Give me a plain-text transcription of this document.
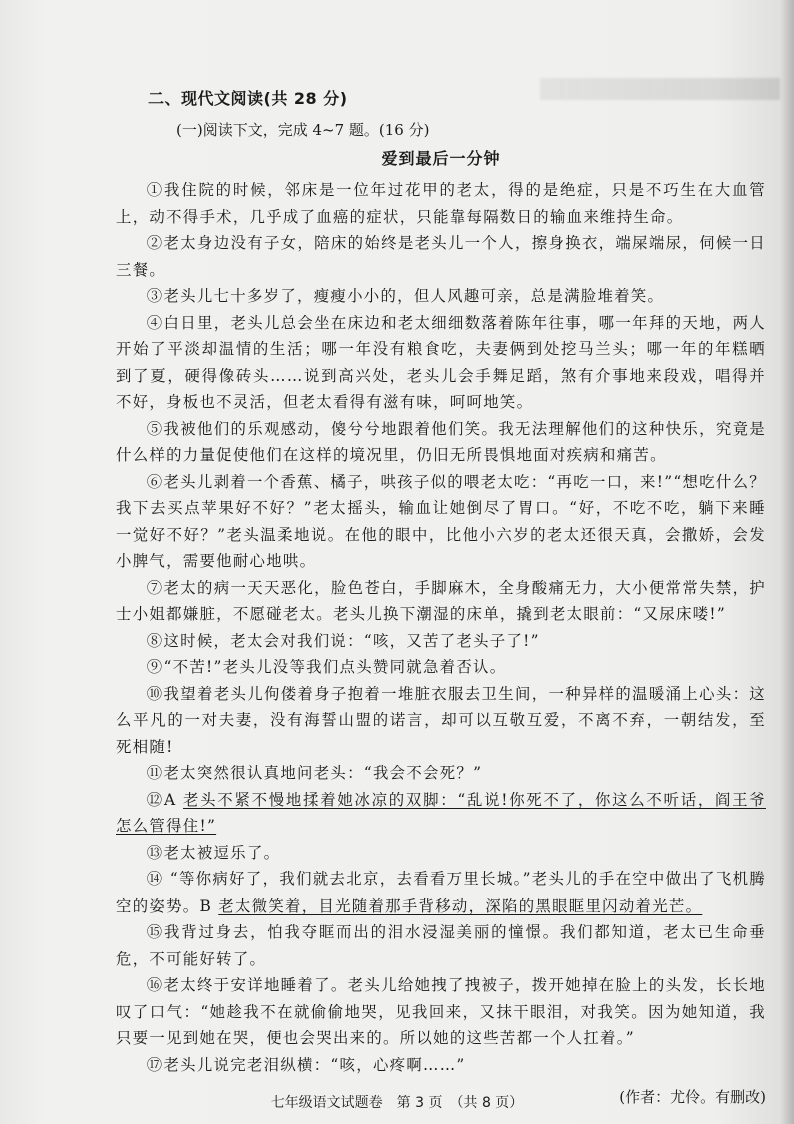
二、现代文阅读(共 28 分)
(一)阅读下文，完成 4~7 题。(16 分)
爱到最后一分钟

①我住院的时候，邻床是一位年过花甲的老太，得的是绝症，只是不巧生在大血管上，动不得手术，几乎成了血癌的症状，只能靠每隔数日的输血来维持生命。

②老太身边没有子女，陪床的始终是老头儿一个人，擦身换衣，端屎端尿，伺候一日三餐。

③老头儿七十多岁了，瘦瘦小小的，但人风趣可亲，总是满脸堆着笑。

④白日里，老头儿总会坐在床边和老太细细数落着陈年往事，哪一年拜的天地，两人开始了平淡却温情的生活；哪一年没有粮食吃，夫妻俩到处挖马兰头；哪一年的年糕晒到了夏，硬得像砖头……说到高兴处，老头儿会手舞足蹈，煞有介事地来段戏，唱得并不好，身板也不灵活，但老太看得有滋有味，呵呵地笑。

⑤我被他们的乐观感动，傻兮兮地跟着他们笑。我无法理解他们的这种快乐，究竟是什么样的力量促使他们在这样的境况里，仍旧无所畏惧地面对疾病和痛苦。

⑥老头儿剥着一个香蕉、橘子，哄孩子似的喂老太吃：“再吃一口，来!”“想吃什么？我下去买点苹果好不好？”老太摇头，输血让她倒尽了胃口。“好，不吃不吃，躺下来睡一觉好不好？”老头温柔地说。在他的眼中，比他小六岁的老太还很天真，会撒娇，会发小脾气，需要他耐心地哄。

⑦老太的病一天天恶化，脸色苍白，手脚麻木，全身酸痛无力，大小便常常失禁，护士小姐都嫌脏，不愿碰老太。老头儿换下潮湿的床单，撬到老太眼前：“又尿床喽!”

⑧这时候，老太会对我们说：“咳，又苦了老头子了!”

⑨“不苦!”老头儿没等我们点头赞同就急着否认。

⑩我望着老头儿佝偻着身子抱着一堆脏衣服去卫生间，一种异样的温暖涌上心头：这么平凡的一对夫妻，没有海誓山盟的诺言，却可以互敬互爱，不离不弃，一朝结发，至死相随!

⑪老太突然很认真地问老头：“我会不会死？”

⑫A 老头不紧不慢地揉着她冰凉的双脚：“乱说!你死不了，你这么不听话，阎王爷怎么管得住!”

⑬老太被逗乐了。

⑭ “等你病好了，我们就去北京，去看看万里长城。”老头儿的手在空中做出了飞机腾空的姿势。B 老太微笑着，目光随着那手背移动，深陷的黑眼眶里闪动着光芒。

⑮我背过身去，怕我夺眶而出的泪水浸湿美丽的憧憬。我们都知道，老太已生命垂危，不可能好转了。

⑯老太终于安详地睡着了。老头儿给她拽了拽被子，拨开她掉在脸上的头发，长长地叹了口气：“她趁我不在就偷偷地哭，见我回来，又抹干眼泪，对我笑。因为她知道，我只要一见到她在哭，便也会哭出来的。所以她的这些苦都一个人扛着。”

⑰老头儿说完老泪纵横：“咳，心疼啊……”

(作者：尤伶。有删改)
七年级语文试题卷　第 3 页　（共 8 页）
